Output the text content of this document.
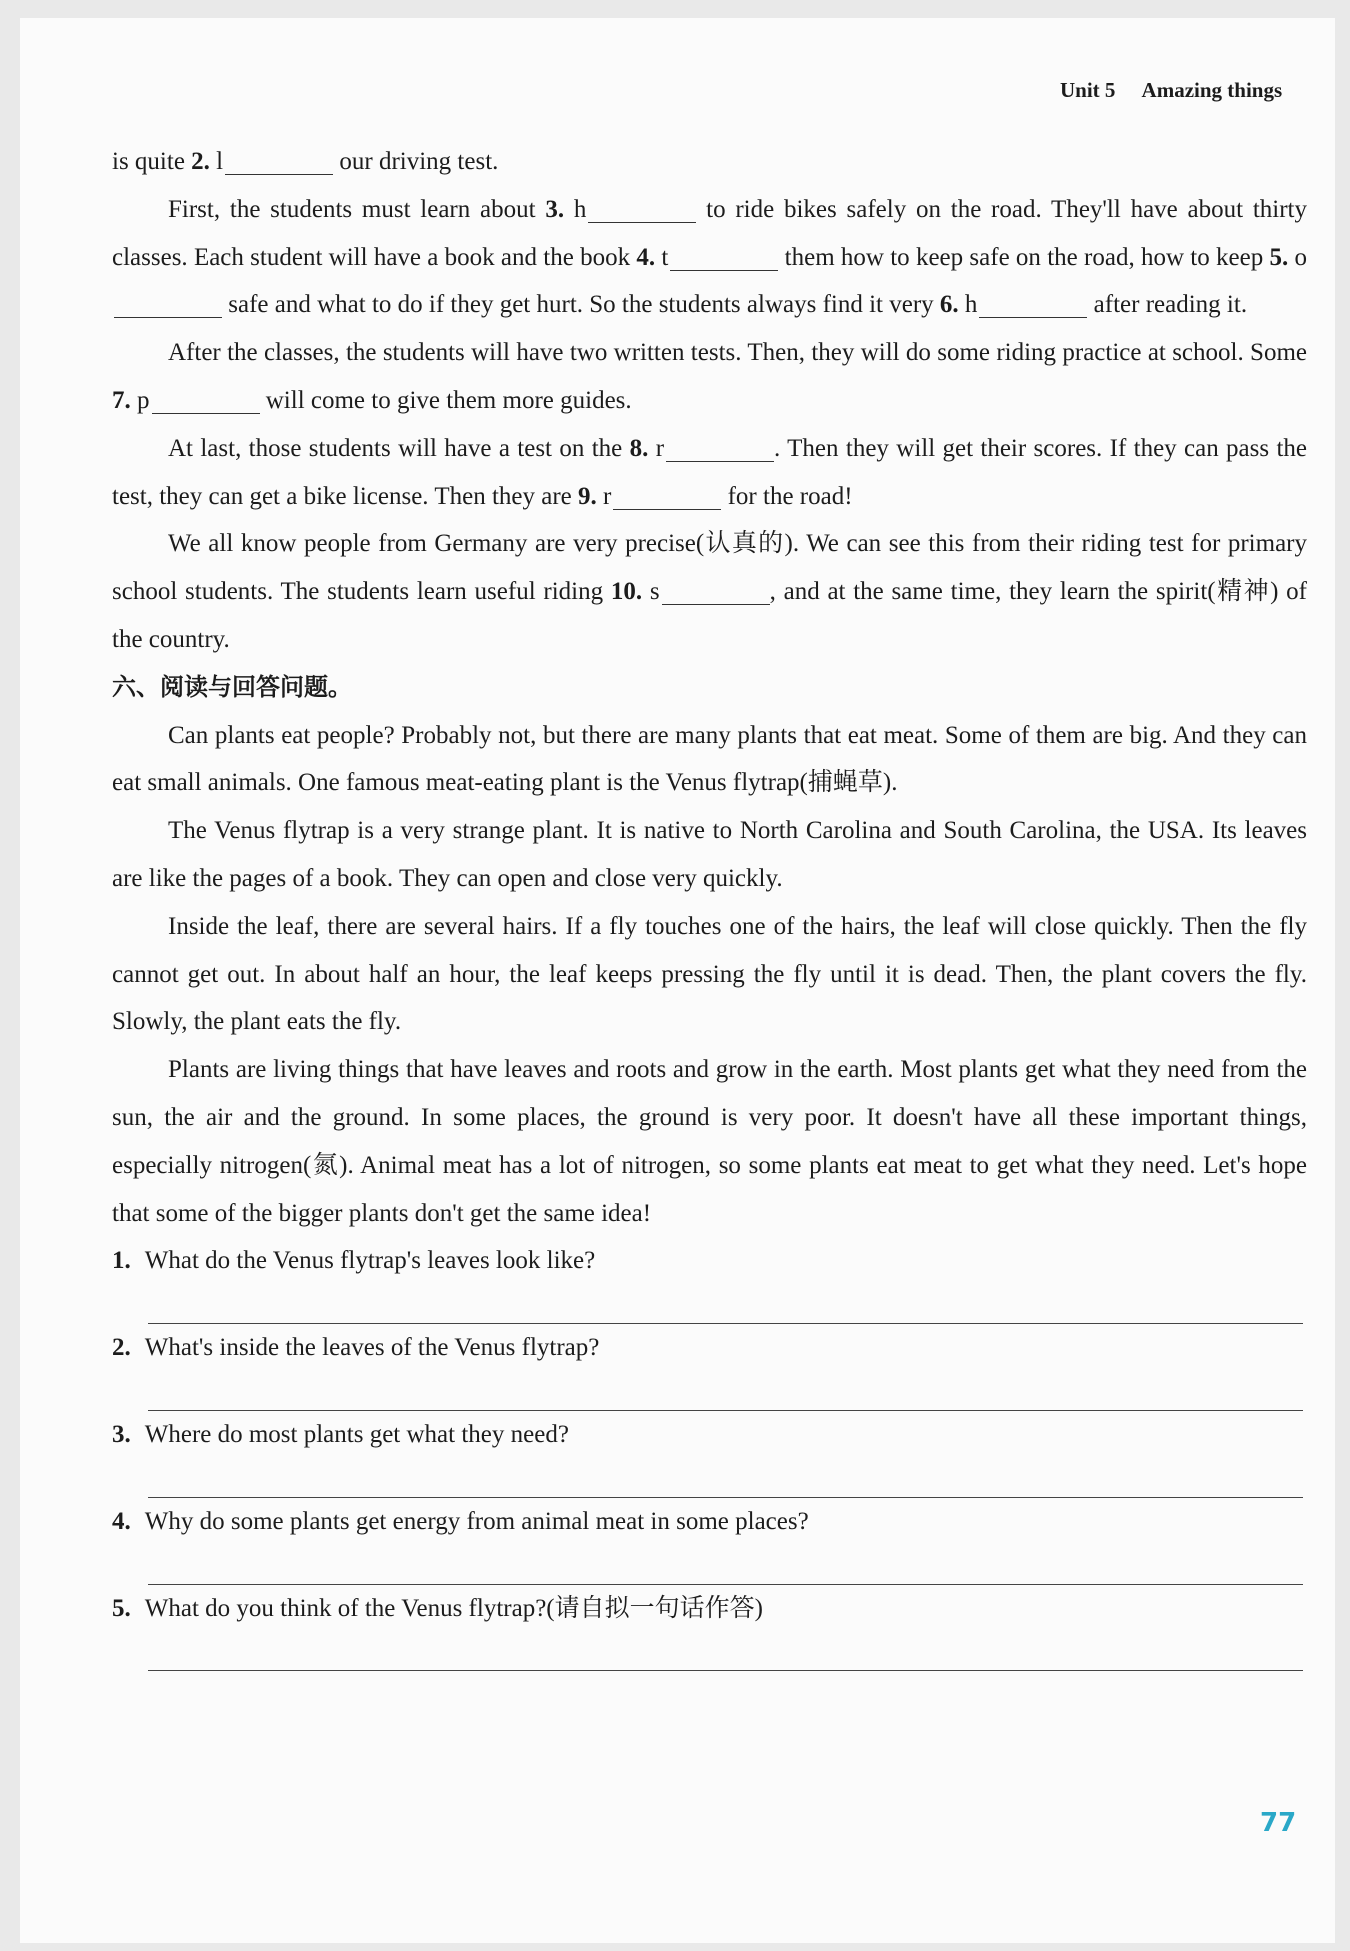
Unit 5 Amazing things
is quite 2. l	our driving test.
First, the students must learn about 3. h	to ride bikes safely on the road. They'll have about thirty classes. Each student will have a book and the book 4. t	them how to keep safe on the road, how to keep 5. o safe and what to do if they get hurt. So the students always find it very 6. h	after reading it.
After the classes, the students will have two written tests. Then, they will do some riding practice at school. Some 7. p	will come to give them more guides.
At last, those students will have a test on the 8. r	. Then they will get their scores. If they can pass the test, they can get a bike license. Then they are 9. r	for the road!
We all know people from Germany are very precise(认真的). We can see this from their riding test for primary school students. The students learn useful riding 10. s	, and at the same time, they learn the spirit(精神) of the country.
六、阅读与回答问题。
Can plants eat people? Probably not, but there are many plants that eat meat. Some of them are big. And they can eat small animals. One famous meat-eating plant is the Venus flytrap(捕蝇草).
The Venus flytrap is a very strange plant. It is native to North Carolina and South Carolina, the USA. Its leaves are like the pages of a book. They can open and close very quickly.
Inside the leaf, there are several hairs. If a fly touches one of the hairs, the leaf will close quickly. Then the fly cannot get out. In about half an hour, the leaf keeps pressing the fly until it is dead. Then, the plant covers the fly. Slowly, the plant eats the fly.
Plants are living things that have leaves and roots and grow in the earth. Most plants get what they need from the sun, the air and the ground. In some places, the ground is very poor. It doesn't have all these important things, especially nitrogen(氮). Animal meat has a lot of nitrogen, so some plants eat meat to get what they need. Let's hope that some of the bigger plants don't get the same idea!
1. What do the Venus flytrap's leaves look like?
2. What's inside the leaves of the Venus flytrap?
3. Where do most plants get what they need?
4. Why do some plants get energy from animal meat in some places?
5. What do you think of the Venus flytrap?(请自拟一句话作答)
77
